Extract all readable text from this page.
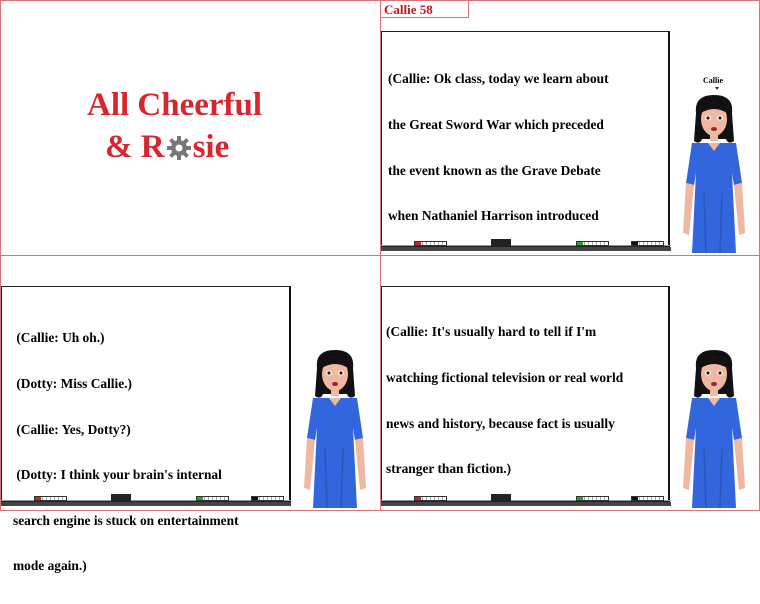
All Cheerful
& R sie
Callie 58

(Callie: Ok class, today we learn about

the Great Sword War which preceded

the event known as the Grave Debate

when Nathaniel Harrison introduced

Callie

(Callie: Uh oh.)

(Dotty: Miss Callie.)

(Callie: Yes, Dotty?)

(Dotty: I think your brain's internal

search engine is stuck on entertainment

mode again.)

(Callie: It's usually hard to tell if I'm

watching fictional television or real world

news and history, because fact is usually

stranger than fiction.)
